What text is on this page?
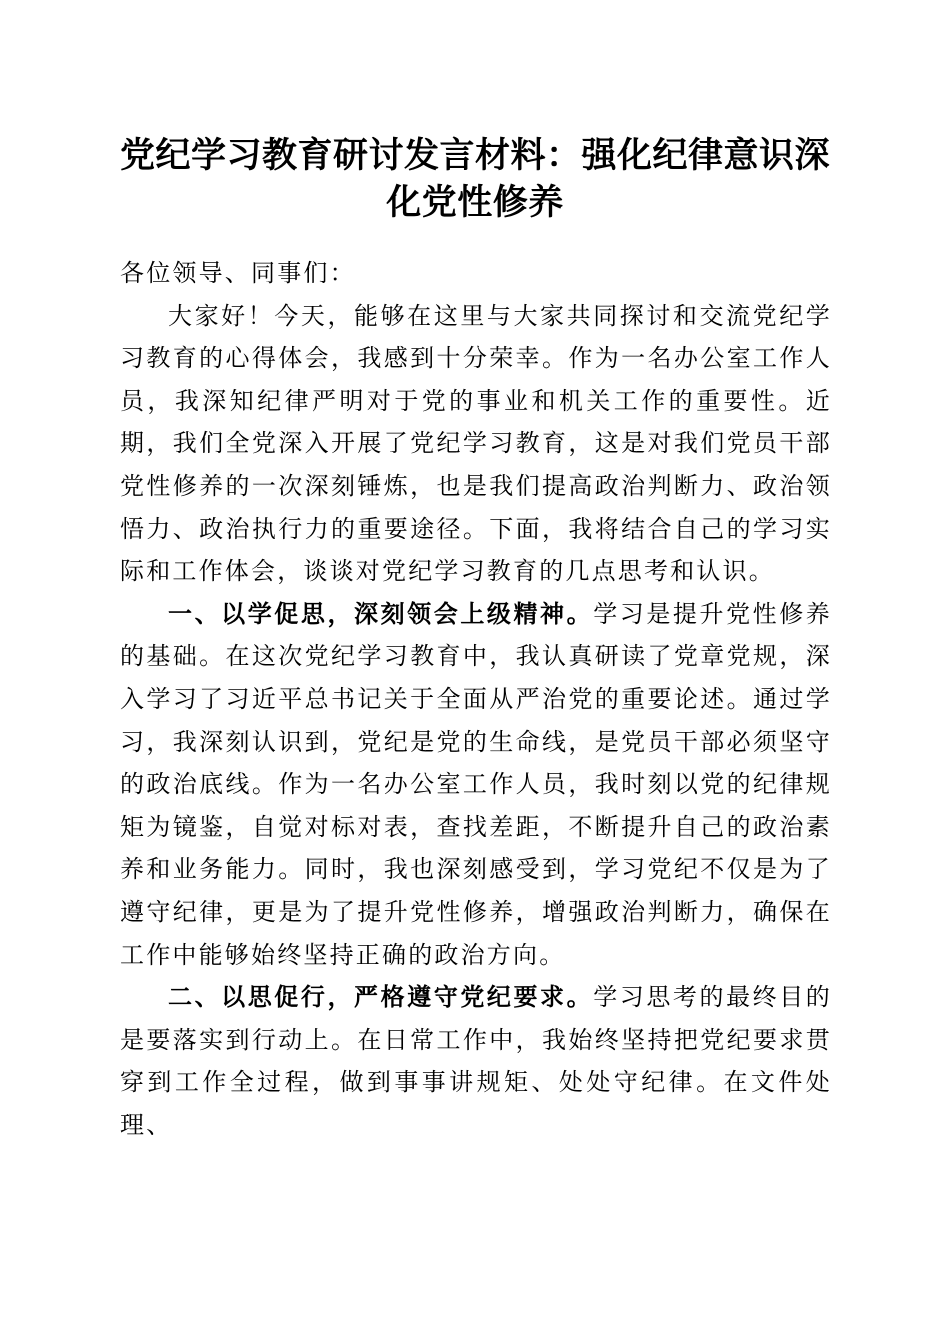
党纪学习教育研讨发言材料：强化纪律意识深
化党性修养

各位领导、同事们：

大家好！今天，能够在这里与大家共同探讨和交流党纪学习教育的心得体会，我感到十分荣幸。作为一名办公室工作人员，我深知纪律严明对于党的事业和机关工作的重要性。近期，我们全党深入开展了党纪学习教育，这是对我们党员干部党性修养的一次深刻锤炼，也是我们提高政治判断力、政治领悟力、政治执行力的重要途径。下面，我将结合自己的学习实际和工作体会，谈谈对党纪学习教育的几点思考和认识。

一、以学促思，深刻领会上级精神。学习是提升党性修养的基础。在这次党纪学习教育中，我认真研读了党章党规，深入学习了习近平总书记关于全面从严治党的重要论述。通过学习，我深刻认识到，党纪是党的生命线，是党员干部必须坚守的政治底线。作为一名办公室工作人员，我时刻以党的纪律规矩为镜鉴，自觉对标对表，查找差距，不断提升自己的政治素养和业务能力。同时，我也深刻感受到，学习党纪不仅是为了遵守纪律，更是为了提升党性修养，增强政治判断力，确保在工作中能够始终坚持正确的政治方向。

二、以思促行，严格遵守党纪要求。学习思考的最终目的是要落实到行动上。在日常工作中，我始终坚持把党纪要求贯穿到工作全过程，做到事事讲规矩、处处守纪律。在文件处理、
